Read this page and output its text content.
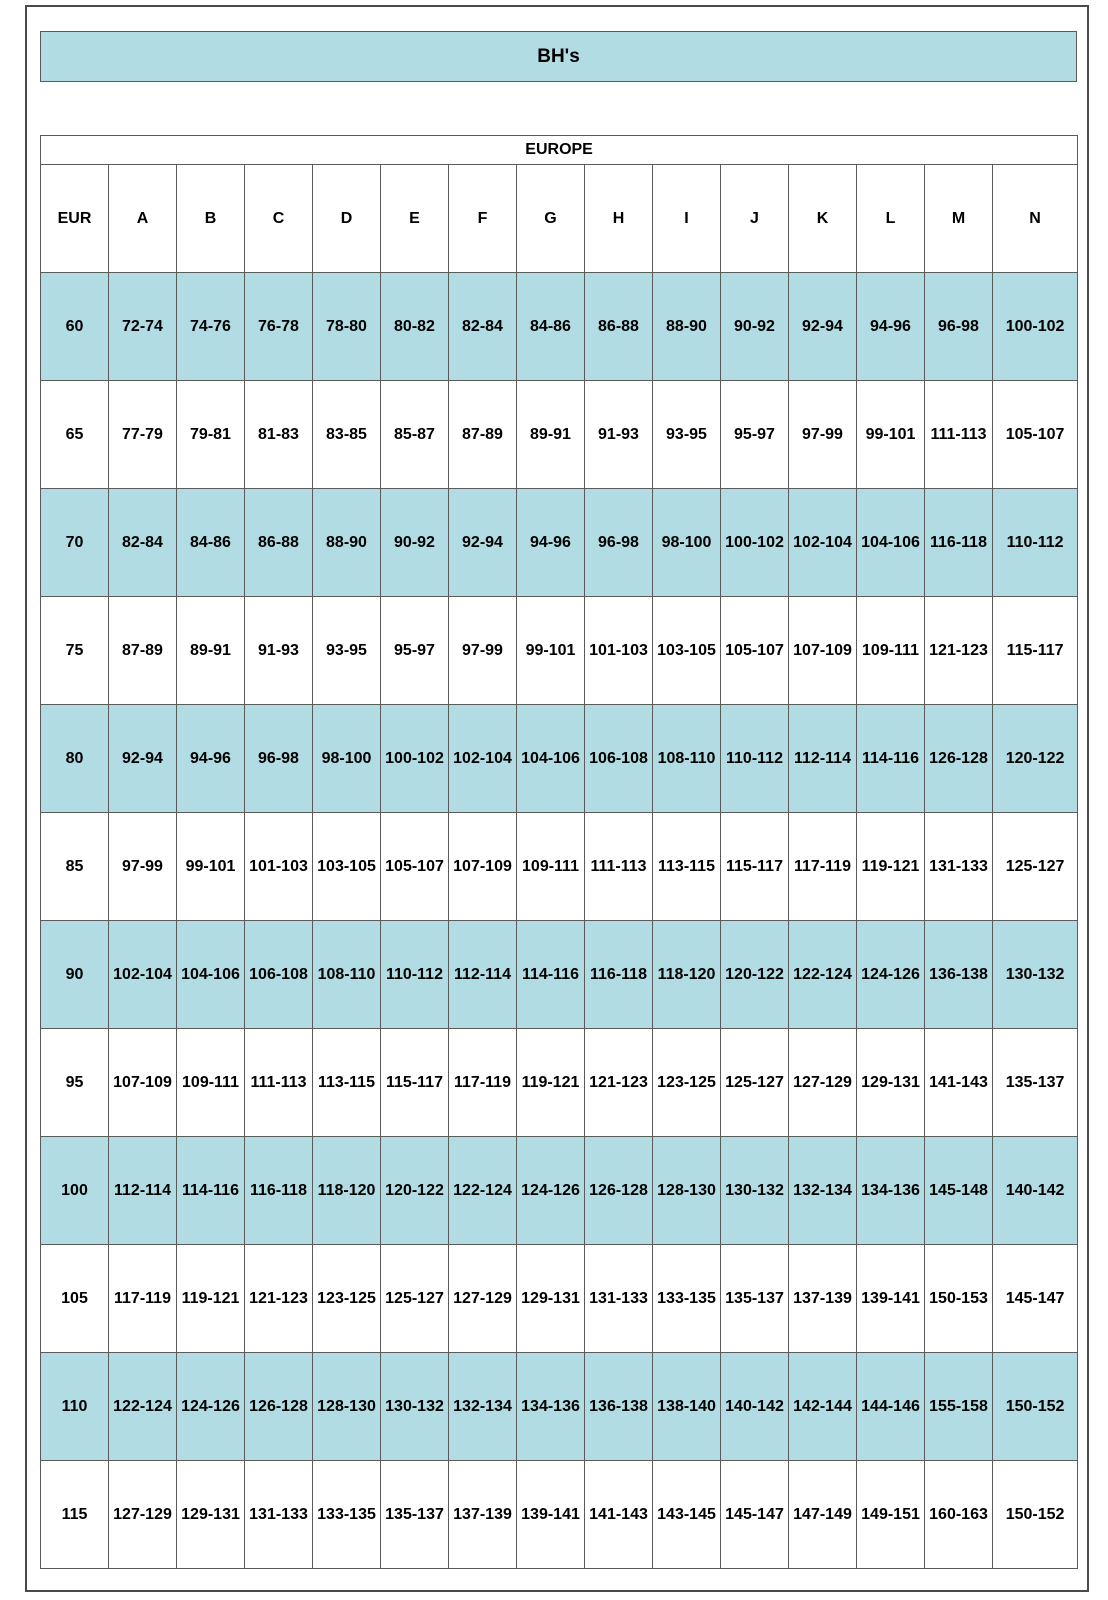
BH's
EUROPE														
EUR	A	B	C	D	E	F	G	H	I	J	K	L	M	N
60	72-74	74-76	76-78	78-80	80-82	82-84	84-86	86-88	88-90	90-92	92-94	94-96	96-98	100-102
65	77-79	79-81	81-83	83-85	85-87	87-89	89-91	91-93	93-95	95-97	97-99	99-101	111-113	105-107
70	82-84	84-86	86-88	88-90	90-92	92-94	94-96	96-98	98-100	100-102	102-104	104-106	116-118	110-112
75	87-89	89-91	91-93	93-95	95-97	97-99	99-101	101-103	103-105	105-107	107-109	109-111	121-123	115-117
80	92-94	94-96	96-98	98-100	100-102	102-104	104-106	106-108	108-110	110-112	112-114	114-116	126-128	120-122
85	97-99	99-101	101-103	103-105	105-107	107-109	109-111	111-113	113-115	115-117	117-119	119-121	131-133	125-127
90	102-104	104-106	106-108	108-110	110-112	112-114	114-116	116-118	118-120	120-122	122-124	124-126	136-138	130-132
95	107-109	109-111	111-113	113-115	115-117	117-119	119-121	121-123	123-125	125-127	127-129	129-131	141-143	135-137
100	112-114	114-116	116-118	118-120	120-122	122-124	124-126	126-128	128-130	130-132	132-134	134-136	145-148	140-142
105	117-119	119-121	121-123	123-125	125-127	127-129	129-131	131-133	133-135	135-137	137-139	139-141	150-153	145-147
110	122-124	124-126	126-128	128-130	130-132	132-134	134-136	136-138	138-140	140-142	142-144	144-146	155-158	150-152
115	127-129	129-131	131-133	133-135	135-137	137-139	139-141	141-143	143-145	145-147	147-149	149-151	160-163	150-152
